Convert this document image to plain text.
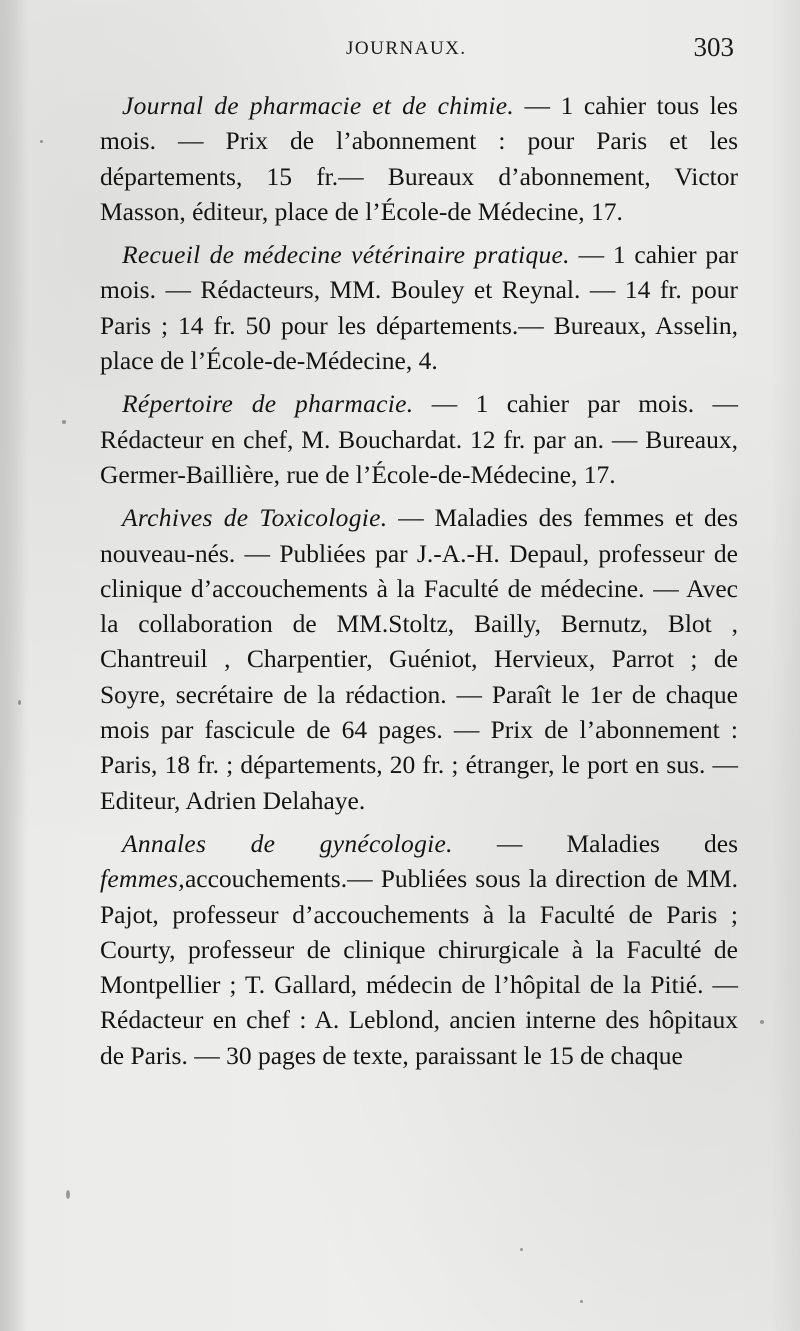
JOURNAUX.	303

Journal de pharmacie et de chimie. — 1 cahier tous les mois. — Prix de l’abonnement : pour Paris et les départements, 15 fr.— Bureaux d’abonnement, Victor Masson, éditeur, place de l’École-de Médecine, 17.

Recueil de médecine vétérinaire pratique. — 1 cahier par mois. — Rédacteurs, MM. Bouley et Reynal. — 14 fr. pour Paris ; 14 fr. 50 pour les départements.— Bureaux, Asselin, place de l’École-de-Médecine, 4.

Répertoire de pharmacie. — 1 cahier par mois. — Rédacteur en chef, M. Bouchardat. 12 fr. par an. — Bureaux, Germer-Baillière, rue de l’École-de-Médecine, 17.

Archives de Toxicologie. — Maladies des femmes et des nouveau-nés. — Publiées par J.-A.-H. Depaul, professeur de clinique d’accouchements à la Faculté de médecine. — Avec la collaboration de MM.Stoltz, Bailly, Bernutz, Blot , Chantreuil , Charpentier, Guéniot, Hervieux, Parrot ; de Soyre, secrétaire de la rédaction. — Paraît le 1er de chaque mois par fascicule de 64 pages. — Prix de l’abonnement : Paris, 18 fr. ; départements, 20 fr. ; étranger, le port en sus. — Editeur, Adrien Delahaye.

Annales de gynécologie. — Maladies des femmes,accouchements.— Publiées sous la direction de MM. Pajot, professeur d’accouchements à la Faculté de Paris ; Courty, professeur de clinique chirurgicale à la Faculté de Montpellier ; T. Gallard, médecin de l’hôpital de la Pitié. — Rédacteur en chef : A. Leblond, ancien interne des hôpitaux de Paris. — 30 pages de texte, paraissant le 15 de chaque
